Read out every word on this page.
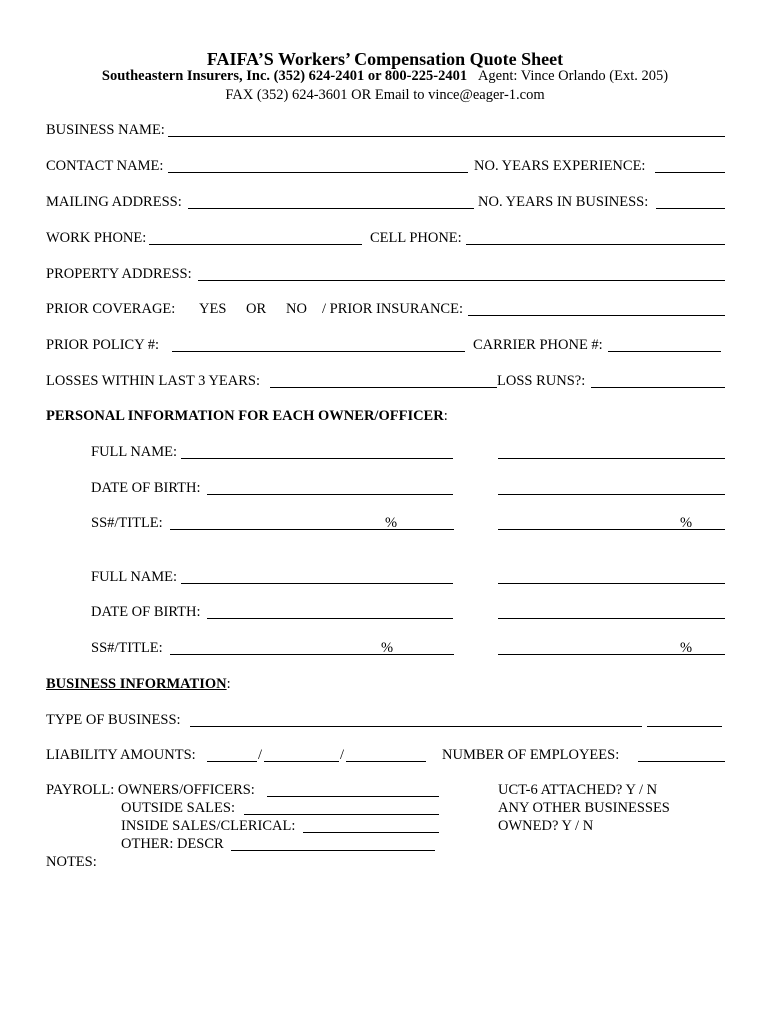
FAIFA’S Workers’ Compensation Quote Sheet
Southeastern Insurers, Inc. (352) 624-2401 or 800-225-2401 Agent: Vince Orlando (Ext. 205)
FAX (352) 624-3601 OR Email to vince@eager-1.com
BUSINESS NAME:
CONTACT NAME:	NO. YEARS EXPERIENCE:
MAILING ADDRESS:	NO. YEARS IN BUSINESS:
WORK PHONE:	CELL PHONE:
PROPERTY ADDRESS:
PRIOR COVERAGE: YES OR NO / PRIOR INSURANCE:
PRIOR POLICY #:	CARRIER PHONE #:
LOSSES WITHIN LAST 3 YEARS:	LOSS RUNS?:
PERSONAL INFORMATION FOR EACH OWNER/OFFICER:
FULL NAME:
DATE OF BIRTH:
SS#/TITLE:	%	%
FULL NAME:
DATE OF BIRTH:
SS#/TITLE:	%	%
BUSINESS INFORMATION:
TYPE OF BUSINESS:
LIABILITY AMOUNTS:	/	/	NUMBER OF EMPLOYEES:
PAYROLL: OWNERS/OFFICERS:
OUTSIDE SALES:
INSIDE SALES/CLERICAL:
OTHER: DESCR
UCT-6 ATTACHED? Y / N
ANY OTHER BUSINESSES
OWNED? Y / N
NOTES:
